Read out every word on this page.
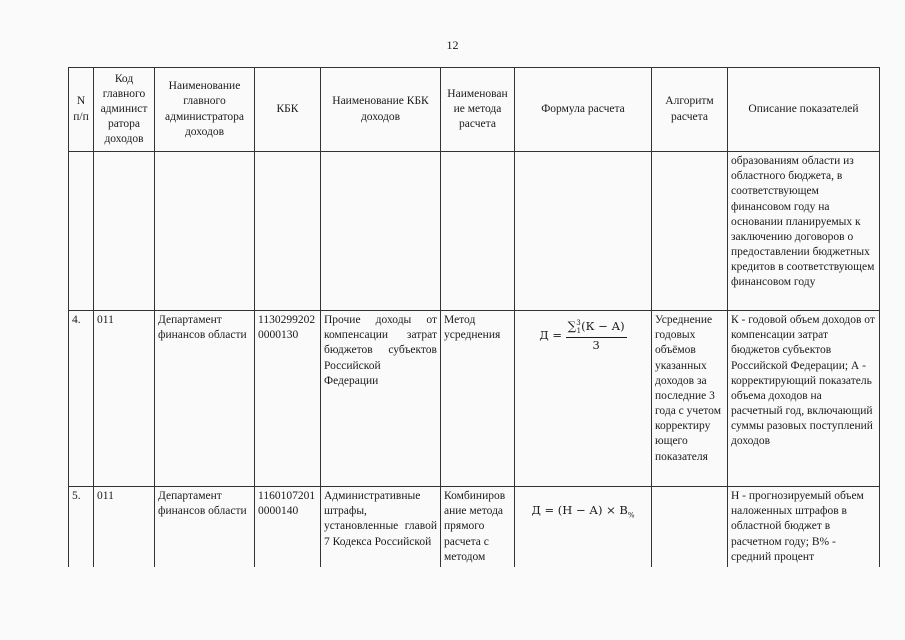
12
N п/п	Код главного админист ратора доходов	Наименование главного администратора доходов	КБК	Наименование КБК доходов	Наименован ие метода расчета	Формула расчета	Алгоритм расчета	Описание показателей
								образованиям области из областного бюджета, в соответствующем финансовом году на основании планируемых к заключению договоров о предоставлении бюджетных кредитов в соответствующем финансовом году
4.	011	Департамент финансов области	11302992020000130	Прочие доходы от компенсации затрат бюджетов субъектов Российской Федерации	Метод усреднения	$Д = \frac{\sum^3_1(К - А)}{3}$	Усреднение годовых объёмов указанных доходов за последние 3 года с учетом корректиру ющего показателя	К - годовой объем доходов от компенсации затрат бюджетов субъектов Российской Федерации; А - корректирующий показатель объема доходов на расчетный год, включающий суммы разовых поступлений доходов
5.	011	Департамент финансов области	11601072010000140	Административные штрафы, установленные главой 7 Кодекса Российской	Комбиниров ание метода прямого расчета с методом	$Д = (Н - А) \times В_{\%}$		Н - прогнозируемый объем наложенных штрафов в областной бюджет в расчетном году; В% - средний процент
